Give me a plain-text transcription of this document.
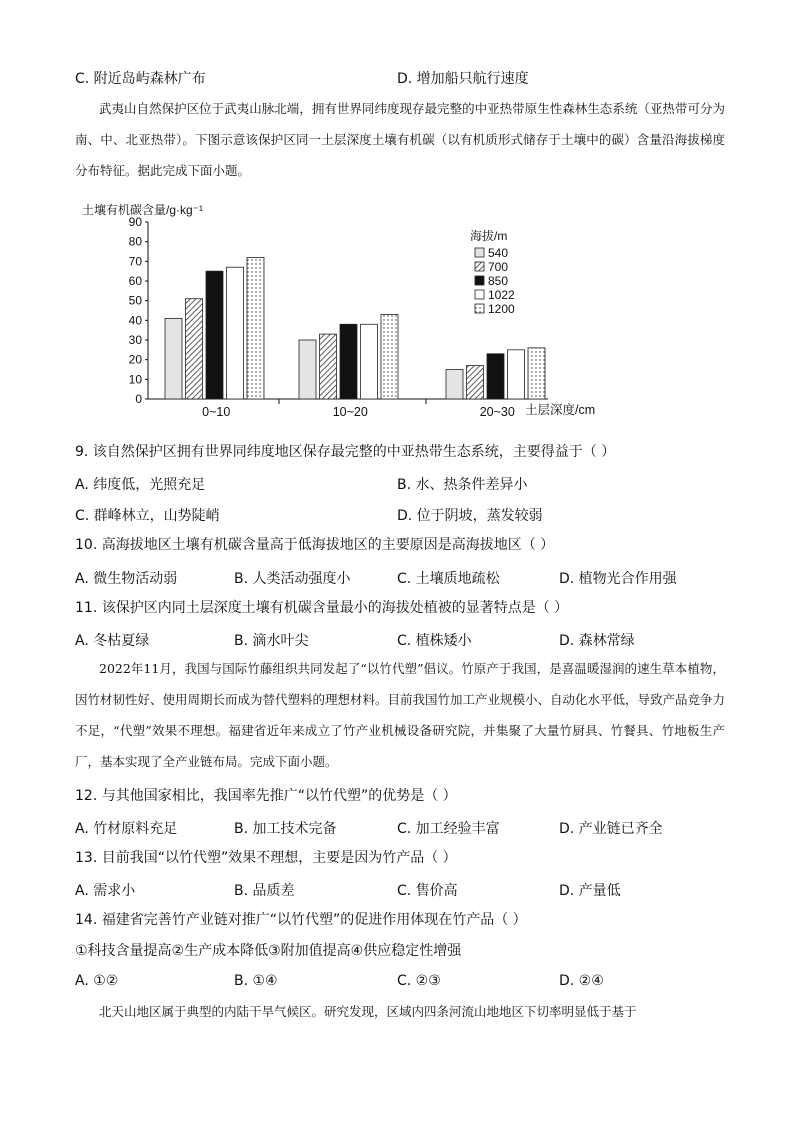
C. 附近岛屿森林广布	D. 增加船只航行速度
武夷山自然保护区位于武夷山脉北端，拥有世界同纬度现存最完整的中亚热带原生性森林生态系统（亚热带可分为南、中、北亚热带）。下图示意该保护区同一土层深度土壤有机碳（以有机质形式储存于土壤中的碳）含量沿海拔梯度分布特征。据此完成下面小题。
土壤有机碳含量/g·kg⁻¹
0
10
20
30
40
50
60
70
80
90
0~10	10~20	20~30 土层深度/cm
海拔/m
540
700
850
1022
1200
9. 该自然保护区拥有世界同纬度地区保存最完整的中亚热带生态系统，主要得益于（ ）
A. 纬度低，光照充足	B. 水、热条件差异小
C. 群峰林立，山势陡峭	D. 位于阴坡，蒸发较弱
10. 高海拔地区土壤有机碳含量高于低海拔地区的主要原因是高海拔地区（ ）
A. 微生物活动弱	B. 人类活动强度小	C. 土壤质地疏松	D. 植物光合作用强
11. 该保护区内同土层深度土壤有机碳含量最小的海拔处植被的显著特点是（ ）
A. 冬枯夏绿	B. 滴水叶尖	C. 植株矮小	D. 森林常绿
2022年11月，我国与国际竹藤组织共同发起了“以竹代塑”倡议。竹原产于我国，是喜温暖湿润的速生草本植物，因竹材韧性好、使用周期长而成为替代塑料的理想材料。目前我国竹加工产业规模小、自动化水平低，导致产品竞争力不足，“代塑”效果不理想。福建省近年来成立了竹产业机械设备研究院，并集聚了大量竹厨具、竹餐具、竹地板生产厂，基本实现了全产业链布局。完成下面小题。
12. 与其他国家相比，我国率先推广“以竹代塑”的优势是（ ）
A. 竹材原料充足	B. 加工技术完备	C. 加工经验丰富	D. 产业链已齐全
13. 目前我国“以竹代塑”效果不理想，主要是因为竹产品（ ）
A. 需求小	B. 品质差	C. 售价高	D. 产量低
14. 福建省完善竹产业链对推广“以竹代塑”的促进作用体现在竹产品（ ）
①科技含量提高②生产成本降低③附加值提高④供应稳定性增强
A. ①②	B. ①④	C. ②③	D. ②④
北天山地区属于典型的内陆干旱气候区。研究发现，区域内四条河流山地地区下切率明显低于基于
